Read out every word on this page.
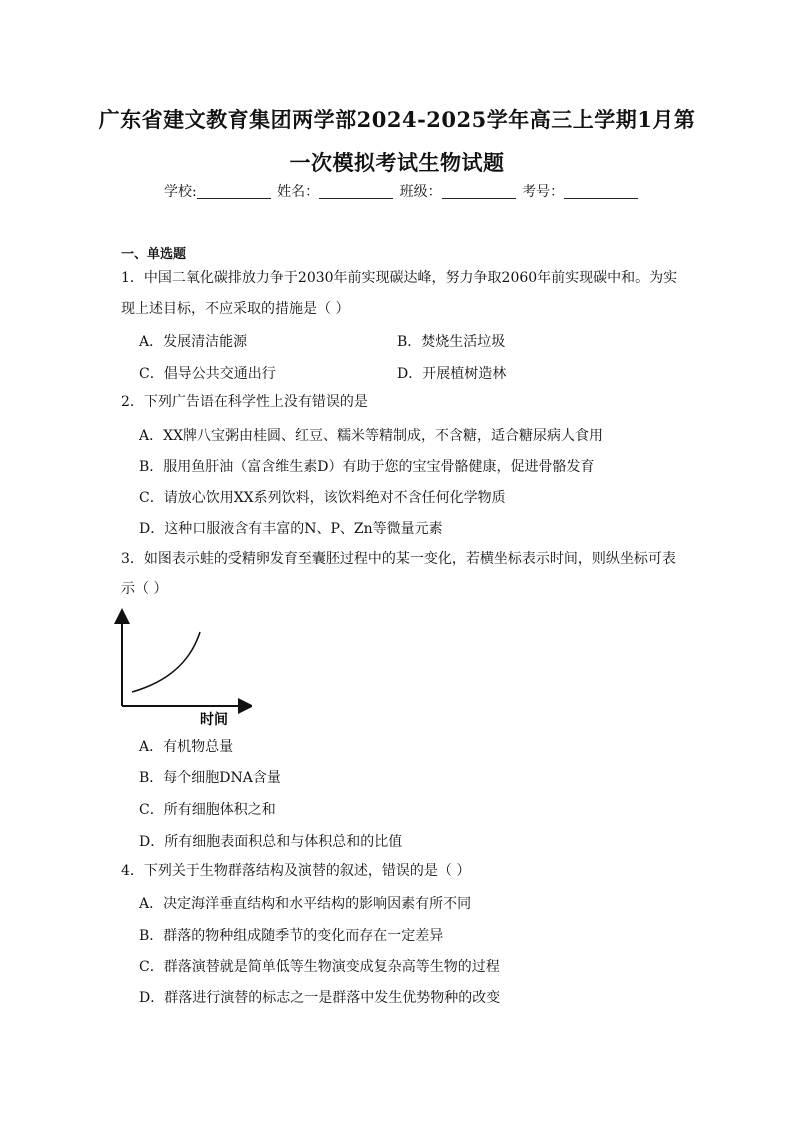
广东省建文教育集团两学部2024-2025学年高三上学期1月第
一次模拟考试生物试题
学校:	姓名：	班级：	考号：
一、单选题
1．中国二氧化碳排放力争于2030年前实现碳达峰，努力争取2060年前实现碳中和。为实
现上述目标，不应采取的措施是（ ）
A．发展清洁能源	B．焚烧生活垃圾
C．倡导公共交通出行	D．开展植树造林
2．下列广告语在科学性上没有错误的是
A．XX牌八宝粥由桂圆、红豆、糯米等精制成，不含糖，适合糖尿病人食用
B．服用鱼肝油（富含维生素D）有助于您的宝宝骨骼健康，促进骨骼发育
C．请放心饮用XX系列饮料，该饮料绝对不含任何化学物质
D．这种口服液含有丰富的N、P、Zn等微量元素
3．如图表示蛙的受精卵发育至囊胚过程中的某一变化，若横坐标表示时间，则纵坐标可表
示（ ）
时间
A．有机物总量
B．每个细胞DNA含量
C．所有细胞体积之和
D．所有细胞表面积总和与体积总和的比值
4．下列关于生物群落结构及演替的叙述，错误的是（ ）
A．决定海洋垂直结构和水平结构的影响因素有所不同
B．群落的物种组成随季节的变化而存在一定差异
C．群落演替就是简单低等生物演变成复杂高等生物的过程
D．群落进行演替的标志之一是群落中发生优势物种的改变
